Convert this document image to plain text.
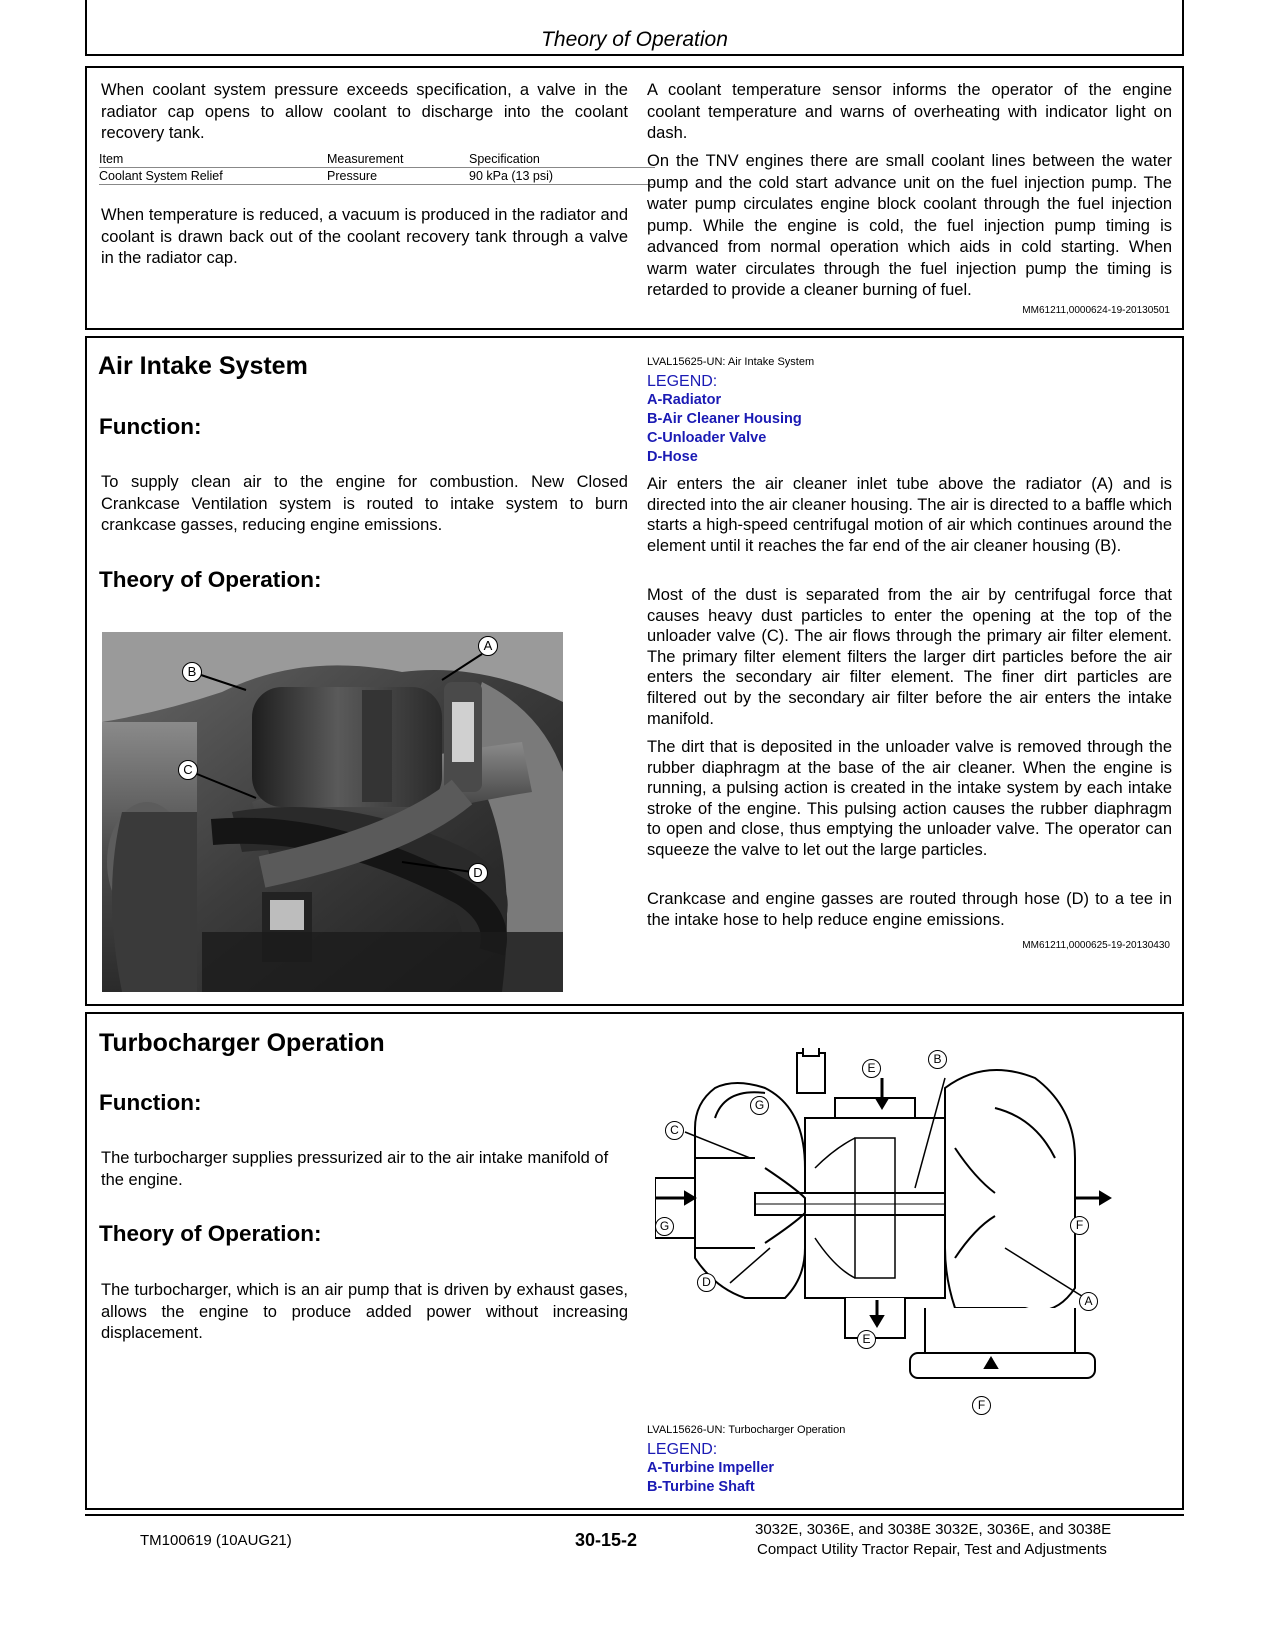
Theory of Operation

When coolant system pressure exceeds specification, a valve in the radiator cap opens to allow coolant to discharge into the coolant recovery tank.

Item	Measurement	Specification
Coolant System Relief	Pressure	90 kPa (13 psi)

When temperature is reduced, a vacuum is produced in the radiator and coolant is drawn back out of the coolant recovery tank through a valve in the radiator cap.

A coolant temperature sensor informs the operator of the engine coolant temperature and warns of overheating with indicator light on dash.

On the TNV engines there are small coolant lines between the water pump and the cold start advance unit on the fuel injection pump. The water pump circulates engine block coolant through the fuel injection pump. While the engine is cold, the fuel injection pump timing is advanced from normal operation which aids in cold starting. When warm water circulates through the fuel injection pump the timing is retarded to provide a cleaner burning of fuel.

MM61211,0000624-19-20130501
Air Intake System
Function:

To supply clean air to the engine for combustion. New Closed Crankcase Ventilation system is routed to intake system to burn crankcase gasses, reducing engine emissions.

Theory of Operation:
A
B
C
D
LVAL15625-UN: Air Intake System
LEGEND:
A-Radiator
B-Air Cleaner Housing
C-Unloader Valve
D-Hose

Air enters the air cleaner inlet tube above the radiator (A) and is directed into the air cleaner housing. The air is directed to a baffle which starts a high-speed centrifugal motion of air which continues around the element until it reaches the far end of the air cleaner housing (B).

Most of the dust is separated from the air by centrifugal force that causes heavy dust particles to enter the opening at the top of the unloader valve (C). The air flows through the primary air filter element. The primary filter element filters the larger dirt particles before the air enters the secondary air filter element. The finer dirt particles are filtered out by the secondary air filter before the air enters the intake manifold.

The dirt that is deposited in the unloader valve is removed through the rubber diaphragm at the base of the air cleaner. When the engine is running, a pulsing action is created in the intake system by each intake stroke of the engine. This pulsing action causes the rubber diaphragm to open and close, thus emptying the unloader valve. The operator can squeeze the valve to let out the large particles.

Crankcase and engine gasses are routed through hose (D) to a tee in the intake hose to help reduce engine emissions.

MM61211,0000625-19-20130430
Turbocharger Operation
Function:

The turbocharger supplies pressurized air to the air intake manifold of the engine.

Theory of Operation:

The turbocharger, which is an air pump that is driven by exhaust gases, allows the engine to produce added power without increasing displacement.

C
G
E
B
G	F
D
A
E
F
LVAL15626-UN: Turbocharger Operation
LEGEND:
A-Turbine Impeller
B-Turbine Shaft
TM100619 (10AUG21)	30-15-2
3032E, 3036E, and 3038E 3032E, 3036E, and 3038E
Compact Utility Tractor Repair, Test and Adjustments
